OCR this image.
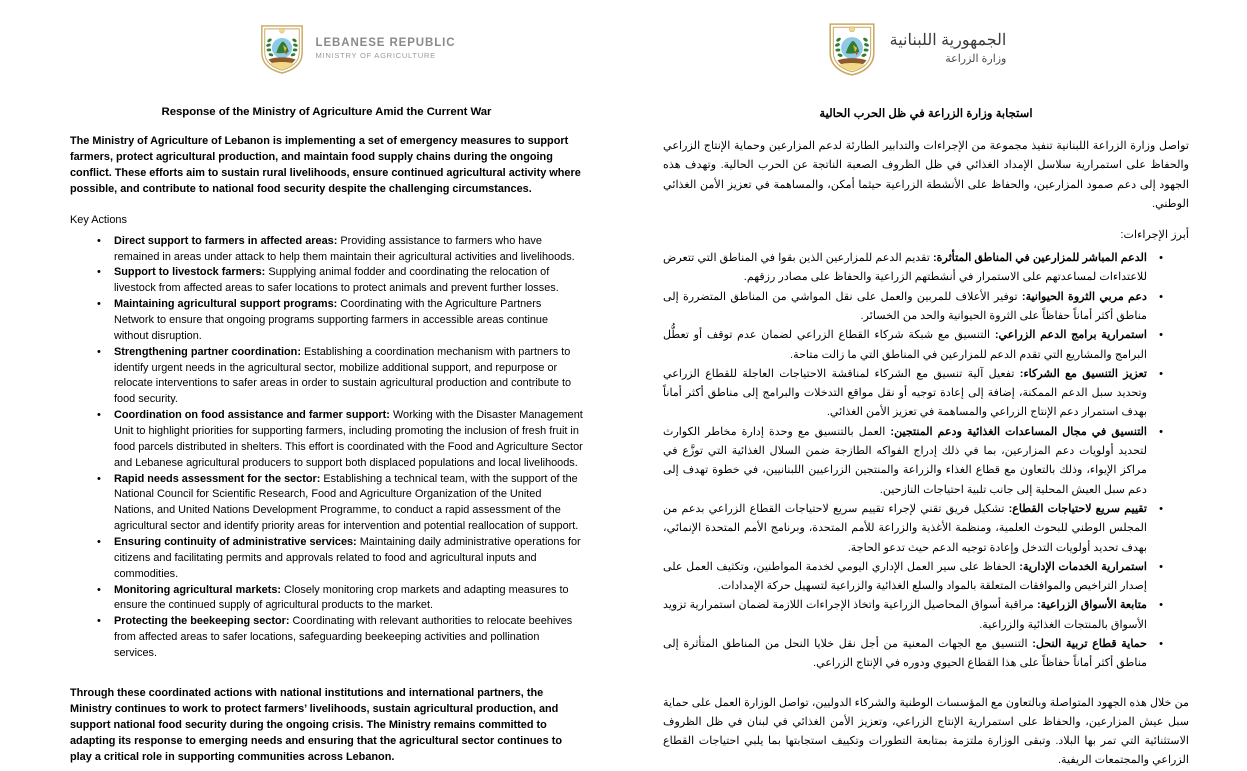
LEBANESE REPUBLIC
MINISTRY OF AGRICULTURE
Response of the Ministry of Agriculture Amid the Current War

The Ministry of Agriculture of Lebanon is implementing a set of emergency measures to support farmers, protect agricultural production, and maintain food supply chains during the ongoing conflict. These efforts aim to sustain rural livelihoods, ensure continued agricultural activity where possible, and contribute to national food security despite the challenging circumstances.

Key Actions

• Direct support to farmers in affected areas: Providing assistance to farmers who have remained in areas under attack to help them maintain their agricultural activities and livelihoods.
• Support to livestock farmers: Supplying animal fodder and coordinating the relocation of livestock from affected areas to safer locations to protect animals and prevent further losses.
• Maintaining agricultural support programs: Coordinating with the Agriculture Partners Network to ensure that ongoing programs supporting farmers in accessible areas continue without disruption.
• Strengthening partner coordination: Establishing a coordination mechanism with partners to identify urgent needs in the agricultural sector, mobilize additional support, and repurpose or relocate interventions to safer areas in order to sustain agricultural production and contribute to food security.
• Coordination on food assistance and farmer support: Working with the Disaster Management Unit to highlight priorities for supporting farmers, including promoting the inclusion of fresh fruit in food parcels distributed in shelters. This effort is coordinated with the Food and Agriculture Sector and Lebanese agricultural producers to support both displaced populations and local livelihoods.
• Rapid needs assessment for the sector: Establishing a technical team, with the support of the National Council for Scientific Research, Food and Agriculture Organization of the United Nations, and United Nations Development Programme, to conduct a rapid assessment of the agricultural sector and identify priority areas for intervention and potential reallocation of support.
• Ensuring continuity of administrative services: Maintaining daily administrative operations for citizens and facilitating permits and approvals related to food and agricultural inputs and commodities.
• Monitoring agricultural markets: Closely monitoring crop markets and adapting measures to ensure the continued supply of agricultural products to the market.
• Protecting the beekeeping sector: Coordinating with relevant authorities to relocate beehives from affected areas to safer locations, safeguarding beekeeping activities and pollination services.

Through these coordinated actions with national institutions and international partners, the Ministry continues to work to protect farmers’ livelihoods, sustain agricultural production, and support national food security during the ongoing crisis. The Ministry remains committed to adapting its response to emerging needs and ensuring that the agricultural sector continues to play a critical role in supporting communities across Lebanon.

الجمهورية اللبنانية
وزارة الزراعة
استجابة وزارة الزراعة في ظل الحرب الحالية

تواصل وزارة الزراعة اللبنانية تنفيذ مجموعة من الإجراءات والتدابير الطارئة لدعم المزارعين وحماية الإنتاج الزراعي والحفاظ على استمرارية سلاسل الإمداد الغذائي في ظل الظروف الصعبة الناتجة عن الحرب الحالية. وتهدف هذه الجهود إلى دعم صمود المزارعين، والحفاظ على الأنشطة الزراعية حيثما أمكن، والمساهمة في تعزيز الأمن الغذائي الوطني.

أبرز الإجراءات:

• الدعم المباشر للمزارعين في المناطق المتأثرة: تقديم الدعم للمزارعين الذين بقوا في المناطق التي تتعرض للاعتداءات لمساعدتهم على الاستمرار في أنشطتهم الزراعية والحفاظ على مصادر رزقهم.
• دعم مربي الثروة الحيوانية: توفير الأعلاف للمربين والعمل على نقل المواشي من المناطق المتضررة إلى مناطق أكثر أماناً حفاظاً على الثروة الحيوانية والحد من الخسائر.
• استمرارية برامج الدعم الزراعي: التنسيق مع شبكة شركاء القطاع الزراعي لضمان عدم توقف أو تعطُّل البرامج والمشاريع التي تقدم الدعم للمزارعين في المناطق التي ما زالت متاحة.
• تعزيز التنسيق مع الشركاء: تفعيل آلية تنسيق مع الشركاء لمناقشة الاحتياجات العاجلة للقطاع الزراعي وتحديد سبل الدعم الممكنة، إضافة إلى إعادة توجيه أو نقل مواقع التدخلات والبرامج إلى مناطق أكثر أماناً بهدف استمرار دعم الإنتاج الزراعي والمساهمة في تعزيز الأمن الغذائي.
• التنسيق في مجال المساعدات الغذائية ودعم المنتجين: العمل بالتنسيق مع وحدة إدارة مخاطر الكوارث لتحديد أولويات دعم المزارعين، بما في ذلك إدراج الفواكه الطازجة ضمن السلال الغذائية التي توزَّع في مراكز الإيواء، وذلك بالتعاون مع قطاع الغذاء والزراعة والمنتجين الزراعيين اللبنانيين، في خطوة تهدف إلى دعم سبل العيش المحلية إلى جانب تلبية احتياجات النازحين.
• تقييم سريع لاحتياجات القطاع: تشكيل فريق تقني لإجراء تقييم سريع لاحتياجات القطاع الزراعي بدعم من المجلس الوطني للبحوث العلمية، ومنظمة الأغذية والزراعة للأمم المتحدة، وبرنامج الأمم المتحدة الإنمائي، بهدف تحديد أولويات التدخل وإعادة توجيه الدعم حيث تدعو الحاجة.
• استمرارية الخدمات الإدارية: الحفاظ على سير العمل الإداري اليومي لخدمة المواطنين، وتكثيف العمل على إصدار التراخيص والموافقات المتعلقة بالمواد والسلع الغذائية والزراعية لتسهيل حركة الإمدادات.
• متابعة الأسواق الزراعية: مراقبة أسواق المحاصيل الزراعية واتخاذ الإجراءات اللازمة لضمان استمرارية تزويد الأسواق بالمنتجات الغذائية والزراعية.
• حماية قطاع تربية النحل: التنسيق مع الجهات المعنية من أجل نقل خلايا النحل من المناطق المتأثرة إلى مناطق أكثر أماناً حفاظاً على هذا القطاع الحيوي ودوره في الإنتاج الزراعي.

من خلال هذه الجهود المتواصلة وبالتعاون مع المؤسسات الوطنية والشركاء الدوليين، تواصل الوزارة العمل على حماية سبل عيش المزارعين، والحفاظ على استمرارية الإنتاج الزراعي، وتعزيز الأمن الغذائي في لبنان في ظل الظروف الاستثنائية التي تمر بها البلاد. وتبقى الوزارة ملتزمة بمتابعة التطورات وتكييف استجابتها بما يلبي احتياجات القطاع الزراعي والمجتمعات الريفية.
